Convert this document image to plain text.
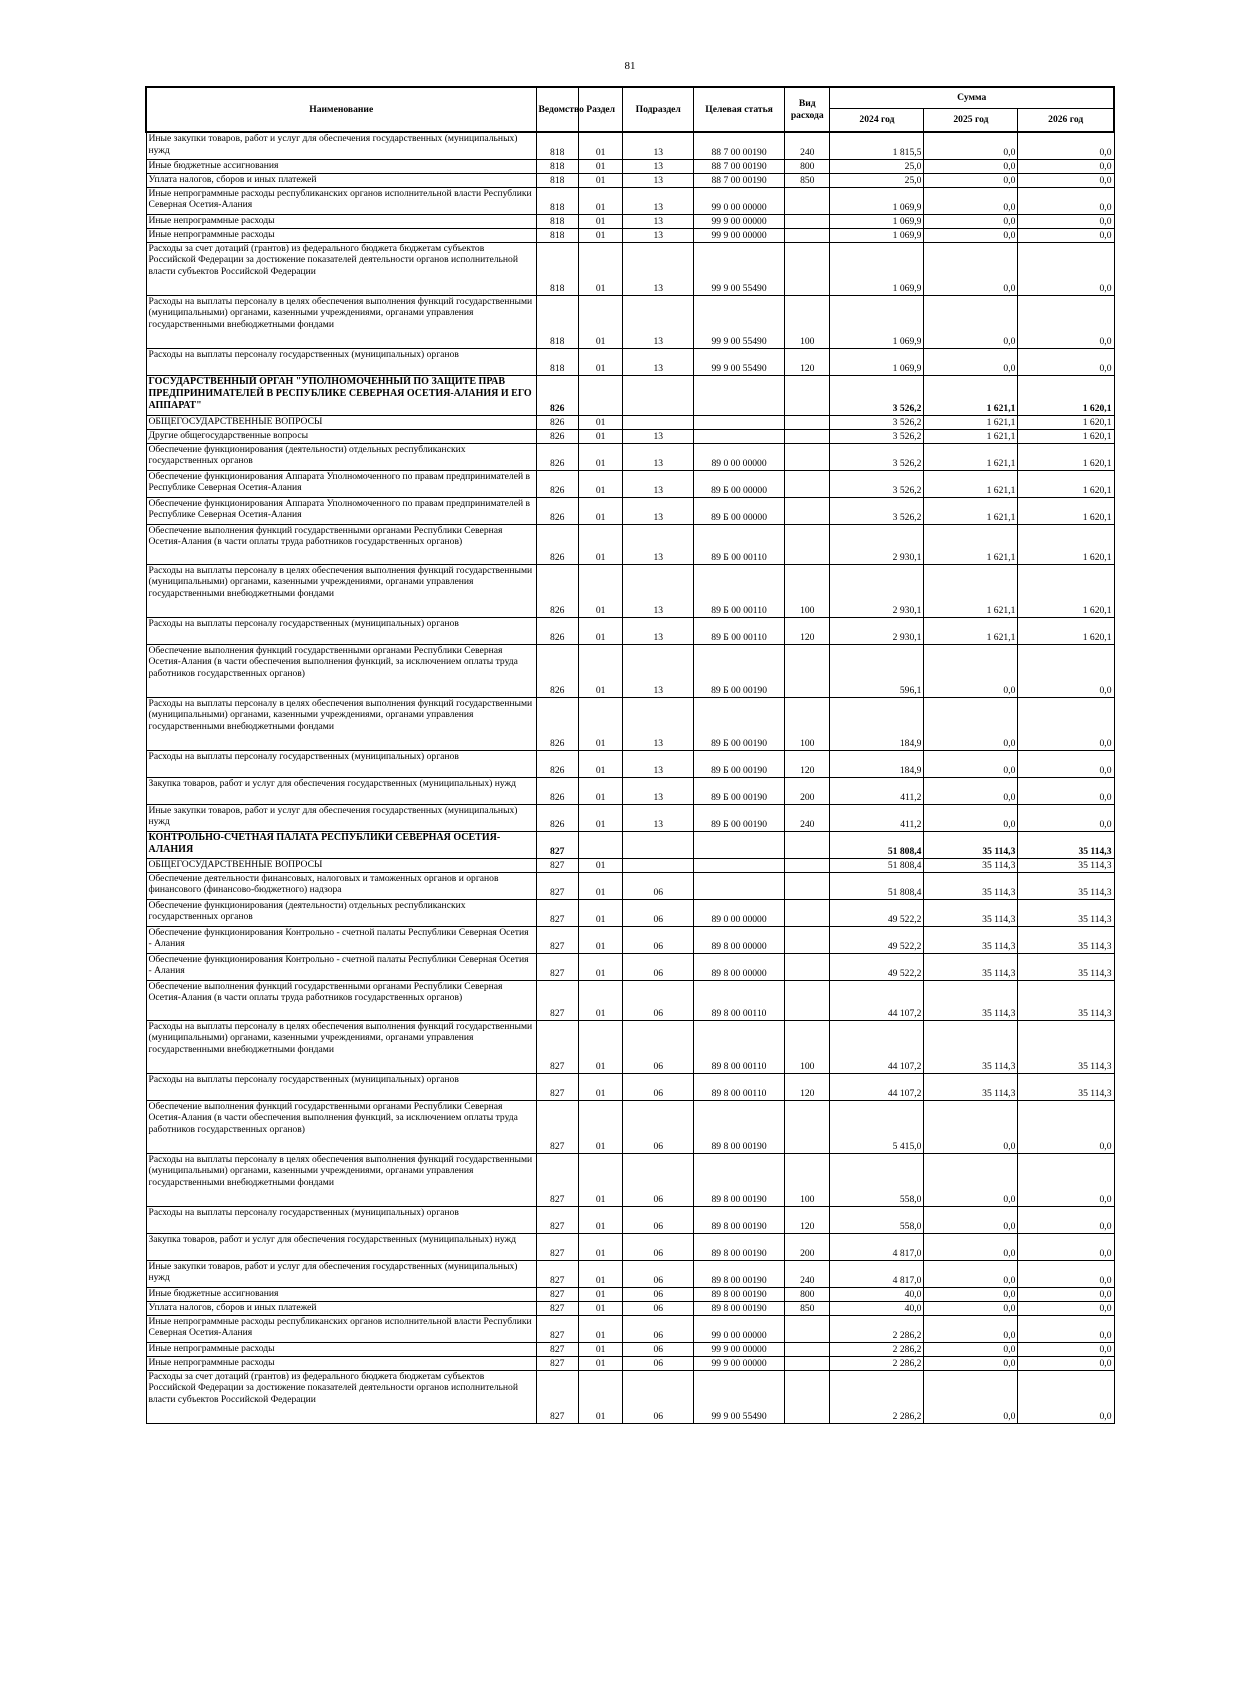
81
Наименование	Ведомство	Раздел	Подраздел	Целевая статья	Вид расхода	Сумма		
						2024 год	2025 год	2026 год
Иные закупки товаров, работ и услуг для обеспечения государственных (муниципальных) нужд	818	01	13	88 7 00 00190	240	1 815,5	0,0	0,0
Иные бюджетные ассигнования	818	01	13	88 7 00 00190	800	25,0	0,0	0,0
Уплата налогов, сборов и иных платежей	818	01	13	88 7 00 00190	850	25,0	0,0	0,0
Иные непрограммные расходы республиканских органов исполнительной власти Республики Северная Осетия-Алания	818	01	13	99 0 00 00000		1 069,9	0,0	0,0
Иные непрограммные расходы	818	01	13	99 9 00 00000		1 069,9	0,0	0,0
Иные непрограммные расходы	818	01	13	99 9 00 00000		1 069,9	0,0	0,0
Расходы за счет дотаций (грантов) из федерального бюджета бюджетам субъектов Российской Федерации за достижение показателей деятельности органов исполнительной власти субъектов Российской Федерации	818	01	13	99 9 00 55490		1 069,9	0,0	0,0
Расходы на выплаты персоналу в целях обеспечения выполнения функций государственными (муниципальными) органами, казенными учреждениями, органами управления государственными внебюджетными фондами	818	01	13	99 9 00 55490	100	1 069,9	0,0	0,0
Расходы на выплаты персоналу государственных (муниципальных) органов	818	01	13	99 9 00 55490	120	1 069,9	0,0	0,0
ГОСУДАРСТВЕННЫЙ ОРГАН "УПОЛНОМОЧЕННЫЙ ПО ЗАЩИТЕ ПРАВ ПРЕДПРИНИМАТЕЛЕЙ В РЕСПУБЛИКЕ СЕВЕРНАЯ ОСЕТИЯ-АЛАНИЯ И ЕГО АППАРАТ"	826					3 526,2	1 621,1	1 620,1
ОБЩЕГОСУДАРСТВЕННЫЕ ВОПРОСЫ	826	01				3 526,2	1 621,1	1 620,1
Другие общегосударственные вопросы	826	01	13			3 526,2	1 621,1	1 620,1
Обеспечение функционирования (деятельности) отдельных республиканских государственных органов	826	01	13	89 0 00 00000		3 526,2	1 621,1	1 620,1
Обеспечение функционирования Аппарата Уполномоченного по правам предпринимателей в Республике Северная Осетия-Алания	826	01	13	89 Б 00 00000		3 526,2	1 621,1	1 620,1
Обеспечение функционирования Аппарата Уполномоченного по правам предпринимателей в Республике Северная Осетия-Алания	826	01	13	89 Б 00 00000		3 526,2	1 621,1	1 620,1
Обеспечение выполнения функций государственными органами Республики Северная Осетия-Алания (в части оплаты труда работников государственных органов)	826	01	13	89 Б 00 00110		2 930,1	1 621,1	1 620,1
Расходы на выплаты персоналу в целях обеспечения выполнения функций государственными (муниципальными) органами, казенными учреждениями, органами управления государственными внебюджетными фондами	826	01	13	89 Б 00 00110	100	2 930,1	1 621,1	1 620,1
Расходы на выплаты персоналу государственных (муниципальных) органов	826	01	13	89 Б 00 00110	120	2 930,1	1 621,1	1 620,1
Обеспечение выполнения функций государственными органами Республики Северная Осетия-Алания (в части обеспечения выполнения функций, за исключением оплаты труда работников государственных органов)	826	01	13	89 Б 00 00190		596,1	0,0	0,0
Расходы на выплаты персоналу в целях обеспечения выполнения функций государственными (муниципальными) органами, казенными учреждениями, органами управления государственными внебюджетными фондами	826	01	13	89 Б 00 00190	100	184,9	0,0	0,0
Расходы на выплаты персоналу государственных (муниципальных) органов	826	01	13	89 Б 00 00190	120	184,9	0,0	0,0
Закупка товаров, работ и услуг для обеспечения государственных (муниципальных) нужд	826	01	13	89 Б 00 00190	200	411,2	0,0	0,0
Иные закупки товаров, работ и услуг для обеспечения государственных (муниципальных) нужд	826	01	13	89 Б 00 00190	240	411,2	0,0	0,0
КОНТРОЛЬНО-СЧЕТНАЯ ПАЛАТА РЕСПУБЛИКИ СЕВЕРНАЯ ОСЕТИЯ-АЛАНИЯ	827					51 808,4	35 114,3	35 114,3
ОБЩЕГОСУДАРСТВЕННЫЕ ВОПРОСЫ	827	01				51 808,4	35 114,3	35 114,3
Обеспечение деятельности финансовых, налоговых и таможенных органов и органов финансового (финансово-бюджетного) надзора	827	01	06			51 808,4	35 114,3	35 114,3
Обеспечение функционирования (деятельности) отдельных республиканских государственных органов	827	01	06	89 0 00 00000		49 522,2	35 114,3	35 114,3
Обеспечение функционирования Контрольно - счетной палаты Республики Северная Осетия - Алания	827	01	06	89 8 00 00000		49 522,2	35 114,3	35 114,3
Обеспечение функционирования Контрольно - счетной палаты Республики Северная Осетия - Алания	827	01	06	89 8 00 00000		49 522,2	35 114,3	35 114,3
Обеспечение выполнения функций государственными органами Республики Северная Осетия-Алания (в части оплаты труда работников государственных органов)	827	01	06	89 8 00 00110		44 107,2	35 114,3	35 114,3
Расходы на выплаты персоналу в целях обеспечения выполнения функций государственными (муниципальными) органами, казенными учреждениями, органами управления государственными внебюджетными фондами	827	01	06	89 8 00 00110	100	44 107,2	35 114,3	35 114,3
Расходы на выплаты персоналу государственных (муниципальных) органов	827	01	06	89 8 00 00110	120	44 107,2	35 114,3	35 114,3
Обеспечение выполнения функций государственными органами Республики Северная Осетия-Алания (в части обеспечения выполнения функций, за исключением оплаты труда работников государственных органов)	827	01	06	89 8 00 00190		5 415,0	0,0	0,0
Расходы на выплаты персоналу в целях обеспечения выполнения функций государственными (муниципальными) органами, казенными учреждениями, органами управления государственными внебюджетными фондами	827	01	06	89 8 00 00190	100	558,0	0,0	0,0
Расходы на выплаты персоналу государственных (муниципальных) органов	827	01	06	89 8 00 00190	120	558,0	0,0	0,0
Закупка товаров, работ и услуг для обеспечения государственных (муниципальных) нужд	827	01	06	89 8 00 00190	200	4 817,0	0,0	0,0
Иные закупки товаров, работ и услуг для обеспечения государственных (муниципальных) нужд	827	01	06	89 8 00 00190	240	4 817,0	0,0	0,0
Иные бюджетные ассигнования	827	01	06	89 8 00 00190	800	40,0	0,0	0,0
Уплата налогов, сборов и иных платежей	827	01	06	89 8 00 00190	850	40,0	0,0	0,0
Иные непрограммные расходы республиканских органов исполнительной власти Республики Северная Осетия-Алания	827	01	06	99 0 00 00000		2 286,2	0,0	0,0
Иные непрограммные расходы	827	01	06	99 9 00 00000		2 286,2	0,0	0,0
Иные непрограммные расходы	827	01	06	99 9 00 00000		2 286,2	0,0	0,0
Расходы за счет дотаций (грантов) из федерального бюджета бюджетам субъектов Российской Федерации за достижение показателей деятельности органов исполнительной власти субъектов Российской Федерации	827	01	06	99 9 00 55490		2 286,2	0,0	0,0
